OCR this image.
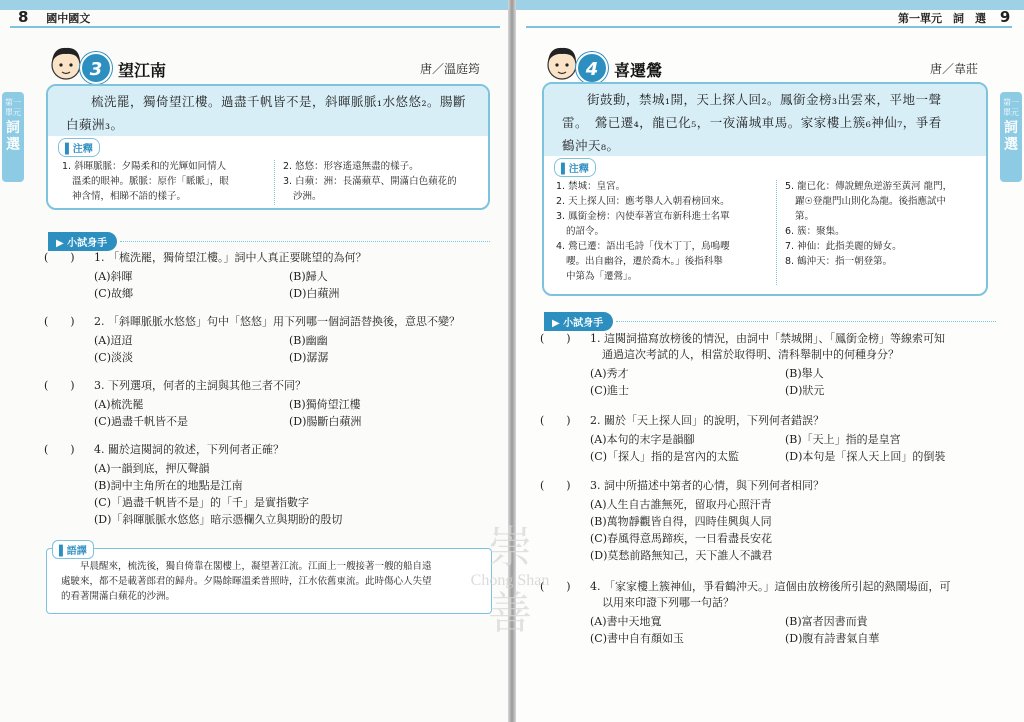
8 國中國文
第一單元
詞選
3 望江南	唐／溫庭筠
梳洗罷，獨倚望江樓。過盡千帆皆不是，斜暉脈脈₁水悠悠₂。腸斷
白蘋洲₃。
▌注釋
1. 斜暉脈脈：夕陽柔和的光輝如同情人
溫柔的眼神。脈脈：原作「眽眽」，眼
神含情，相睇不語的樣子。
2. 悠悠：形容遙遠無盡的樣子。
3. 白蘋：洲：長滿蘋草、開滿白色蘋花的
沙洲。
▶ 小試身手
(　　)	1. 「梳洗罷，獨倚望江樓。」詞中人真正要眺望的為何？
(A)斜暉	(B)歸人
(C)故鄉	(D)白蘋洲
(　　)	2. 「斜暉脈脈水悠悠」句中「悠悠」用下列哪一個詞語替換後，意思不變？
(A)迢迢	(B)幽幽
(C)淡淡	(D)潺潺
(　　)	3. 下列選項，何者的主詞與其他三者不同？
(A)梳洗罷	(B)獨倚望江樓
(C)過盡千帆皆不是	(D)腸斷白蘋洲
(　　)	4. 關於這闋詞的敘述，下列何者正確？
(A)一韻到底，押仄聲韻
(B)詞中主角所在的地點是江南
(C)「過盡千帆皆不是」的「千」是實指數字
(D)「斜暉脈脈水悠悠」暗示憑欄久立與期盼的殷切
早晨醒來，梳洗後，獨自倚靠在閣樓上，凝望著江流。江面上一艘接著一艘的船自遠
處駛來，都不是載著郎君的歸舟。夕陽餘暉溫柔普照時，江水依舊東流。此時傷心人失望
的看著開滿白蘋花的沙洲。
▌語譯
第一單元　詞　選 9
第一單元
詞選
4 喜遷鶯	唐／韋莊
街鼓動，禁城₁開，天上探人回₂。鳳銜金榜₃出雲來，平地一聲
雷。　鶯已遷₄，龍已化₅，一夜滿城車馬。家家樓上簇₆神仙₇，爭看
鶴沖天₈。
▌注釋
1. 禁城：皇宮。
2. 天上探人回：應考舉人入朝看榜回來。
3. 鳳銜金榜：內使奉著宣布新科進士名單
的詔令。
4. 鶯已遷：語出毛詩「伐木丁丁，鳥鳴嚶
嚶。出自幽谷，遷於喬木。」後指科舉
中第為「遷鶯」。
5. 龍已化：傳說鯉魚逆游至黃河 龍門，
躍☉登龍門山則化為龍。後指應試中
第。
6. 簇：聚集。
7. 神仙：此指美麗的婦女。
8. 鶴沖天：指一朝登第。
▶ 小試身手
(　　)	1. 這闋詞描寫放榜後的情況，由詞中「禁城開」、「鳳銜金榜」等線索可知
通過這次考試的人，相當於取得明、清科舉制中的何種身分？
(A)秀才	(B)舉人
(C)進士	(D)狀元
(　　)	2. 關於「天上探人回」的說明，下列何者錯誤？
(A)本句的末字是韻腳	(B)「天上」指的是皇宮
(C)「探人」指的是宮內的太監	(D)本句是「探人天上回」的倒裝
(　　)	3. 詞中所描述中第者的心情，與下列何者相同？
(A)人生自古誰無死，留取丹心照汗青
(B)萬物靜觀皆自得，四時佳興與人同
(C)春風得意馬蹄疾，一日看盡長安花
(D)莫愁前路無知己，天下誰人不識君
(　　)	4. 「家家樓上簇神仙，爭看鶴沖天。」這個由放榜後所引起的熱鬧場面，可
以用來印證下列哪一句話？
(A)書中天地寬	(B)富者因書而貴
(C)書中自有顏如玉	(D)腹有詩書氣自華
崇
Chong Shan
善
